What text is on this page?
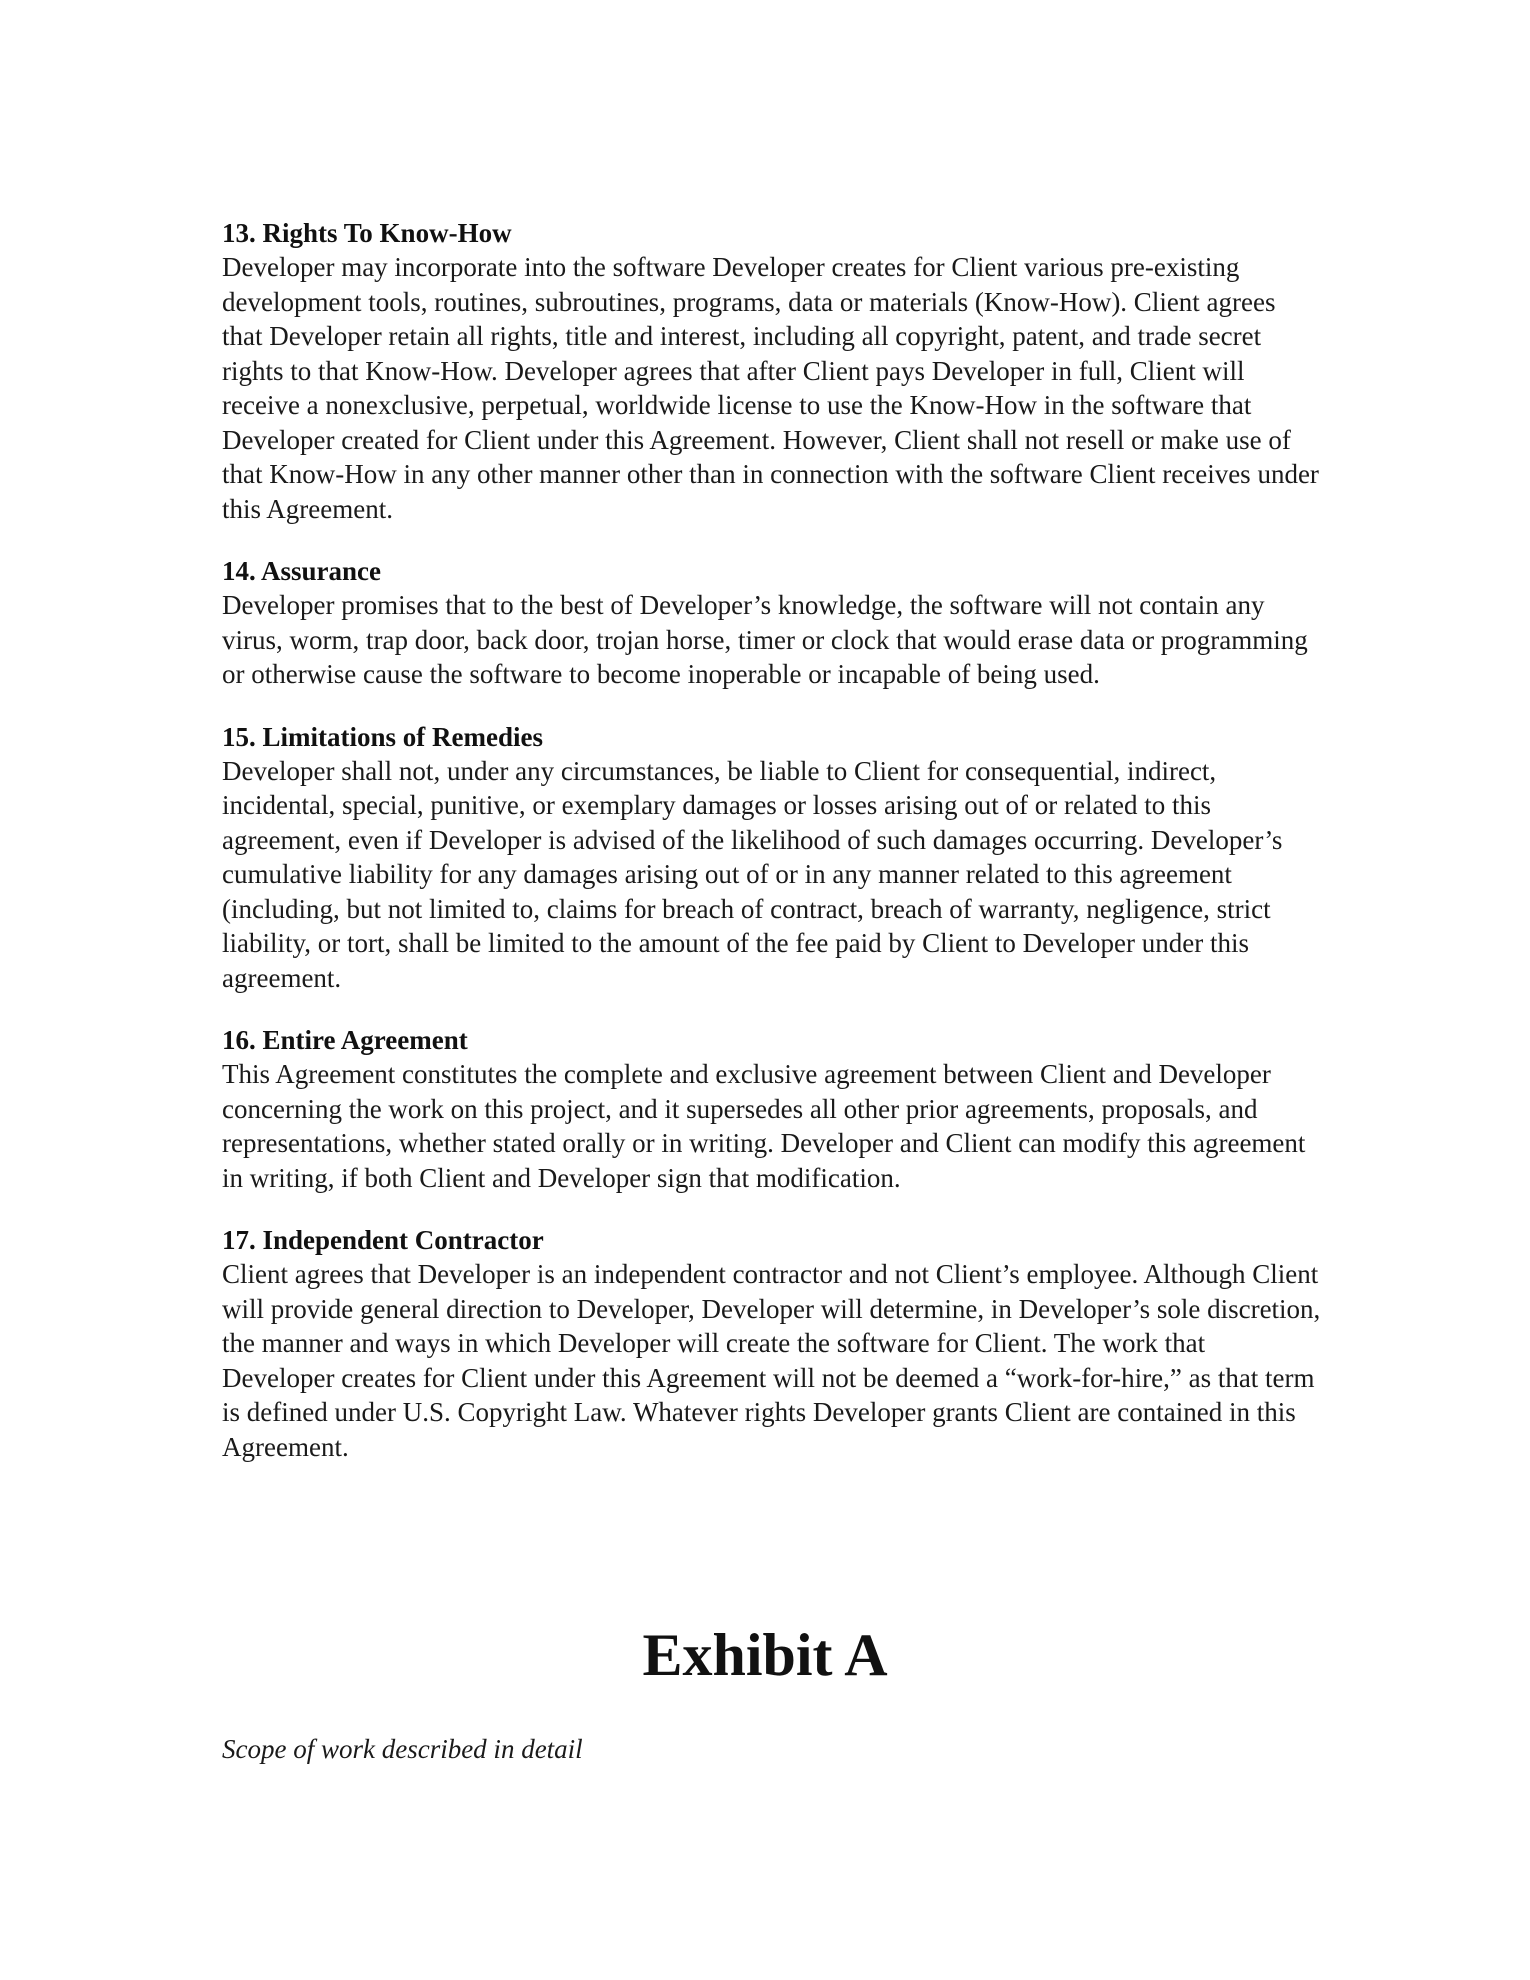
13. Rights To Know-How

Developer may incorporate into the software Developer creates for Client various pre-existing development tools, routines, subroutines, programs, data or materials (Know-How). Client agrees that Developer retain all rights, title and interest, including all copyright, patent, and trade secret rights to that Know-How. Developer agrees that after Client pays Developer in full, Client will receive a nonexclusive, perpetual, worldwide license to use the Know-How in the software that Developer created for Client under this Agreement. However, Client shall not resell or make use of that Know-How in any other manner other than in connection with the software Client receives under this Agreement.

14. Assurance

Developer promises that to the best of Developer’s knowledge, the software will not contain any virus, worm, trap door, back door, trojan horse, timer or clock that would erase data or programming or otherwise cause the software to become inoperable or incapable of being used.

15. Limitations of Remedies

Developer shall not, under any circumstances, be liable to Client for consequential, indirect, incidental, special, punitive, or exemplary damages or losses arising out of or related to this agreement, even if Developer is advised of the likelihood of such damages occurring. Developer’s cumulative liability for any damages arising out of or in any manner related to this agreement (including, but not limited to, claims for breach of contract, breach of warranty, negligence, strict liability, or tort, shall be limited to the amount of the fee paid by Client to Developer under this agreement.

16. Entire Agreement

This Agreement constitutes the complete and exclusive agreement between Client and Developer concerning the work on this project, and it supersedes all other prior agreements, proposals, and representations, whether stated orally or in writing. Developer and Client can modify this agreement in writing, if both Client and Developer sign that modification.

17. Independent Contractor

Client agrees that Developer is an independent contractor and not Client’s employee. Although Client will provide general direction to Developer, Developer will determine, in Developer’s sole discretion, the manner and ways in which Developer will create the software for Client. The work that Developer creates for Client under this Agreement will not be deemed a “work-for-hire,” as that term is defined under U.S. Copyright Law. Whatever rights Developer grants Client are contained in this Agreement.

Exhibit A

Scope of work described in detail
